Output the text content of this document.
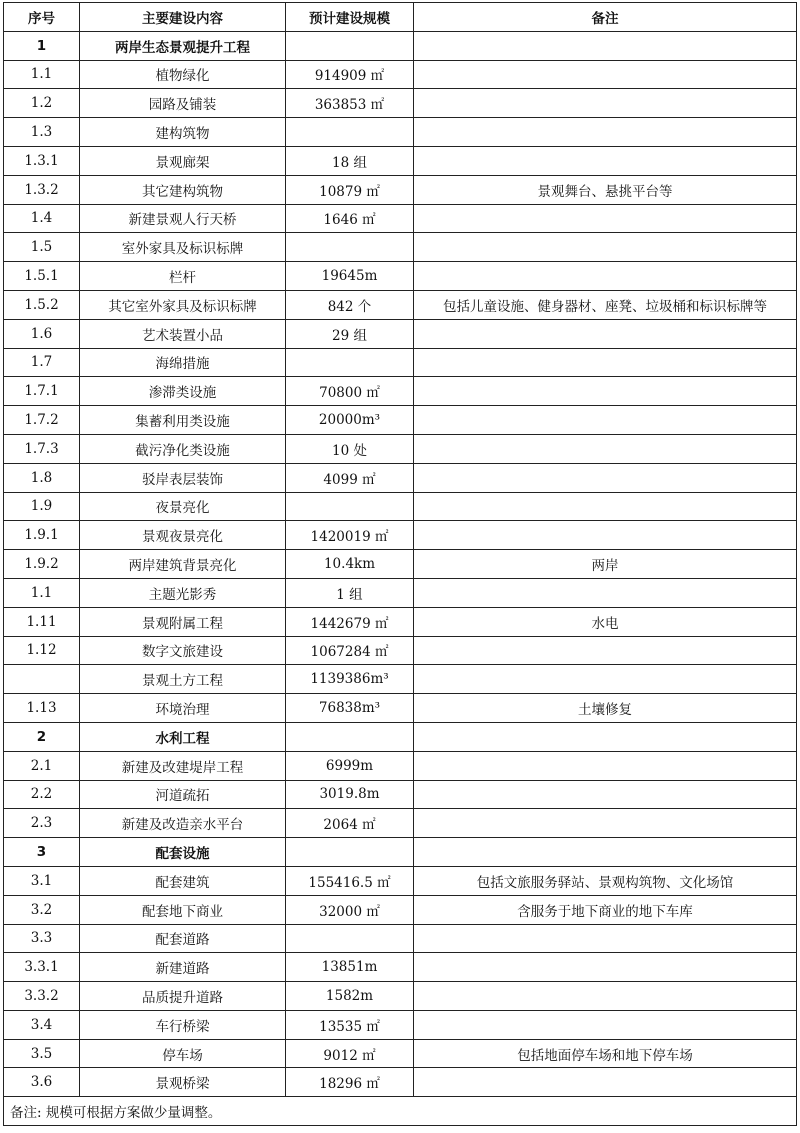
序号	主要建设内容	预计建设规模	备注
1	两岸生态景观提升工程		
1.1	植物绿化	914909 ㎡	
1.2	园路及铺装	363853 ㎡	
1.3	建构筑物		
1.3.1	景观廊架	18 组	
1.3.2	其它建构筑物	10879 ㎡	景观舞台、悬挑平台等
1.4	新建景观人行天桥	1646 ㎡	
1.5	室外家具及标识标牌		
1.5.1	栏杆	19645m	
1.5.2	其它室外家具及标识标牌	842 个	包括儿童设施、健身器材、座凳、垃圾桶和标识标牌等
1.6	艺术装置小品	29 组	
1.7	海绵措施		
1.7.1	渗滞类设施	70800 ㎡	
1.7.2	集蓄利用类设施	20000m³	
1.7.3	截污净化类设施	10 处	
1.8	驳岸表层装饰	4099 ㎡	
1.9	夜景亮化		
1.9.1	景观夜景亮化	1420019 ㎡	
1.9.2	两岸建筑背景亮化	10.4km	两岸
1.1	主题光影秀	1 组	
1.11	景观附属工程	1442679 ㎡	水电
1.12	数字文旅建设	1067284 ㎡	
	景观土方工程	1139386m³	
1.13	环境治理	76838m³	土壤修复
2	水利工程		
2.1	新建及改建堤岸工程	6999m	
2.2	河道疏拓	3019.8m	
2.3	新建及改造亲水平台	2064 ㎡	
3	配套设施		
3.1	配套建筑	155416.5 ㎡	包括文旅服务驿站、景观构筑物、文化场馆
3.2	配套地下商业	32000 ㎡	含服务于地下商业的地下车库
3.3	配套道路		
3.3.1	新建道路	13851m	
3.3.2	品质提升道路	1582m	
3.4	车行桥梁	13535 ㎡	
3.5	停车场	9012 ㎡	包括地面停车场和地下停车场
3.6	景观桥梁	18296 ㎡	
备注: 规模可根据方案做少量调整。			
